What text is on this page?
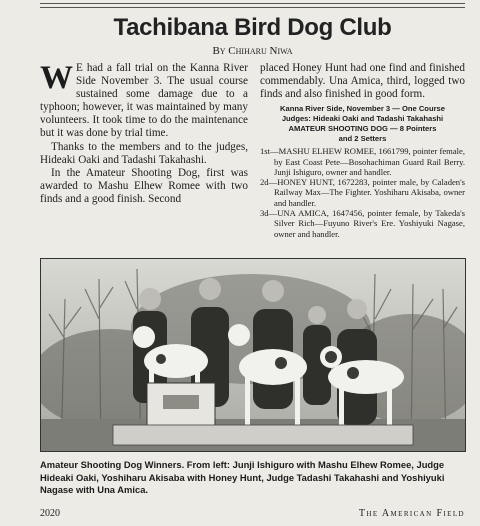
Tachibana Bird Dog Club
By Chiharu Niwa

W E had a fall trial on the Kanna River Side November 3. The usual course sustained some damage due to a typhoon; however, it was maintained by many volunteers. It took time to do the maintenance but it was done by trial time.

Thanks to the members and to the judges, Hideaki Oaki and Tadashi Takahashi.

In the Amateur Shooting Dog, first was awarded to Mashu Elhew Romee with two finds and a good finish. Second

placed Honey Hunt had one find and finished commendably. Una Amica, third, logged two finds and also finished in good form.

Kanna River Side, November 3 — One Course
Judges: Hideaki Oaki and Tadashi Takahashi
AMATEUR SHOOTING DOG — 8 Pointers
and 2 Setters

1st—MASHU ELHEW ROMEE, 1661799, pointer female, by East Coast Pete—Bosohachiman Guard Rail Berry. Junji Ishiguro, owner and handler.

2d—HONEY HUNT, 1672283, pointer male, by Caladen's Railway Max—The Fighter. Yoshiharu Akisaba, owner and handler.

3d—UNA AMICA, 1647456, pointer female, by Takeda's Silver Rich—Fuyuno River's Ere. Yoshiyuki Nagase, owner and handler.

Amateur Shooting Dog Winners. From left: Junji Ishiguro with Mashu Elhew Romee, Judge Hideaki Oaki, Yoshiharu Akisaba with Honey Hunt, Judge Tadashi Takahashi and Yoshiyuki Nagase with Una Amica.
2020	The American Field
